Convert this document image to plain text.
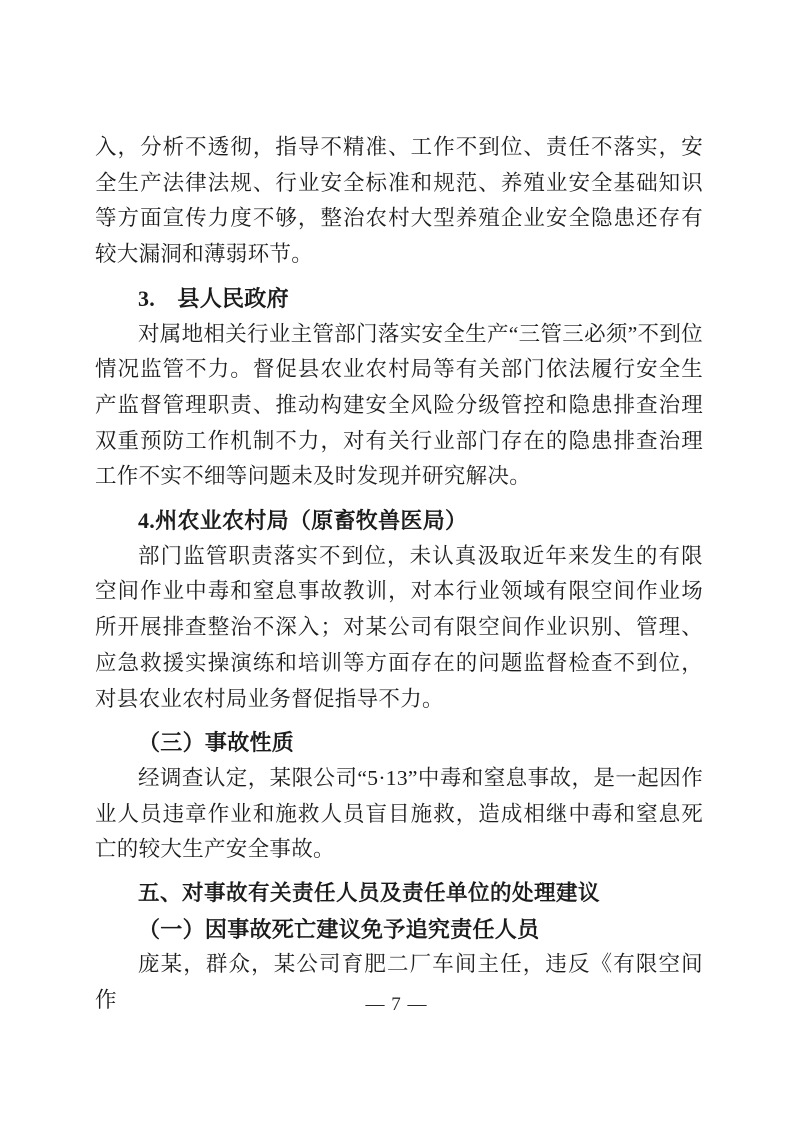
入，分析不透彻，指导不精准、工作不到位、责任不落实，安全生产法律法规、行业安全标准和规范、养殖业安全基础知识等方面宣传力度不够，整治农村大型养殖企业安全隐患还存有较大漏洞和薄弱环节。

3.　县人民政府

对属地相关行业主管部门落实安全生产“三管三必须”不到位情况监管不力。督促县农业农村局等有关部门依法履行安全生产监督管理职责、推动构建安全风险分级管控和隐患排查治理双重预防工作机制不力，对有关行业部门存在的隐患排查治理工作不实不细等问题未及时发现并研究解决。

4.州农业农村局（原畜牧兽医局）

部门监管职责落实不到位，未认真汲取近年来发生的有限空间作业中毒和窒息事故教训，对本行业领域有限空间作业场所开展排查整治不深入；对某公司有限空间作业识别、管理、应急救援实操演练和培训等方面存在的问题监督检查不到位，对县农业农村局业务督促指导不力。

（三）事故性质

经调查认定，某限公司“5·13”中毒和窒息事故，是一起因作业人员违章作业和施救人员盲目施救，造成相继中毒和窒息死亡的较大生产安全事故。

五、对事故有关责任人员及责任单位的处理建议

（一）因事故死亡建议免予追究责任人员

庞某，群众，某公司育肥二厂车间主任，违反《有限空间作	— 7 —
